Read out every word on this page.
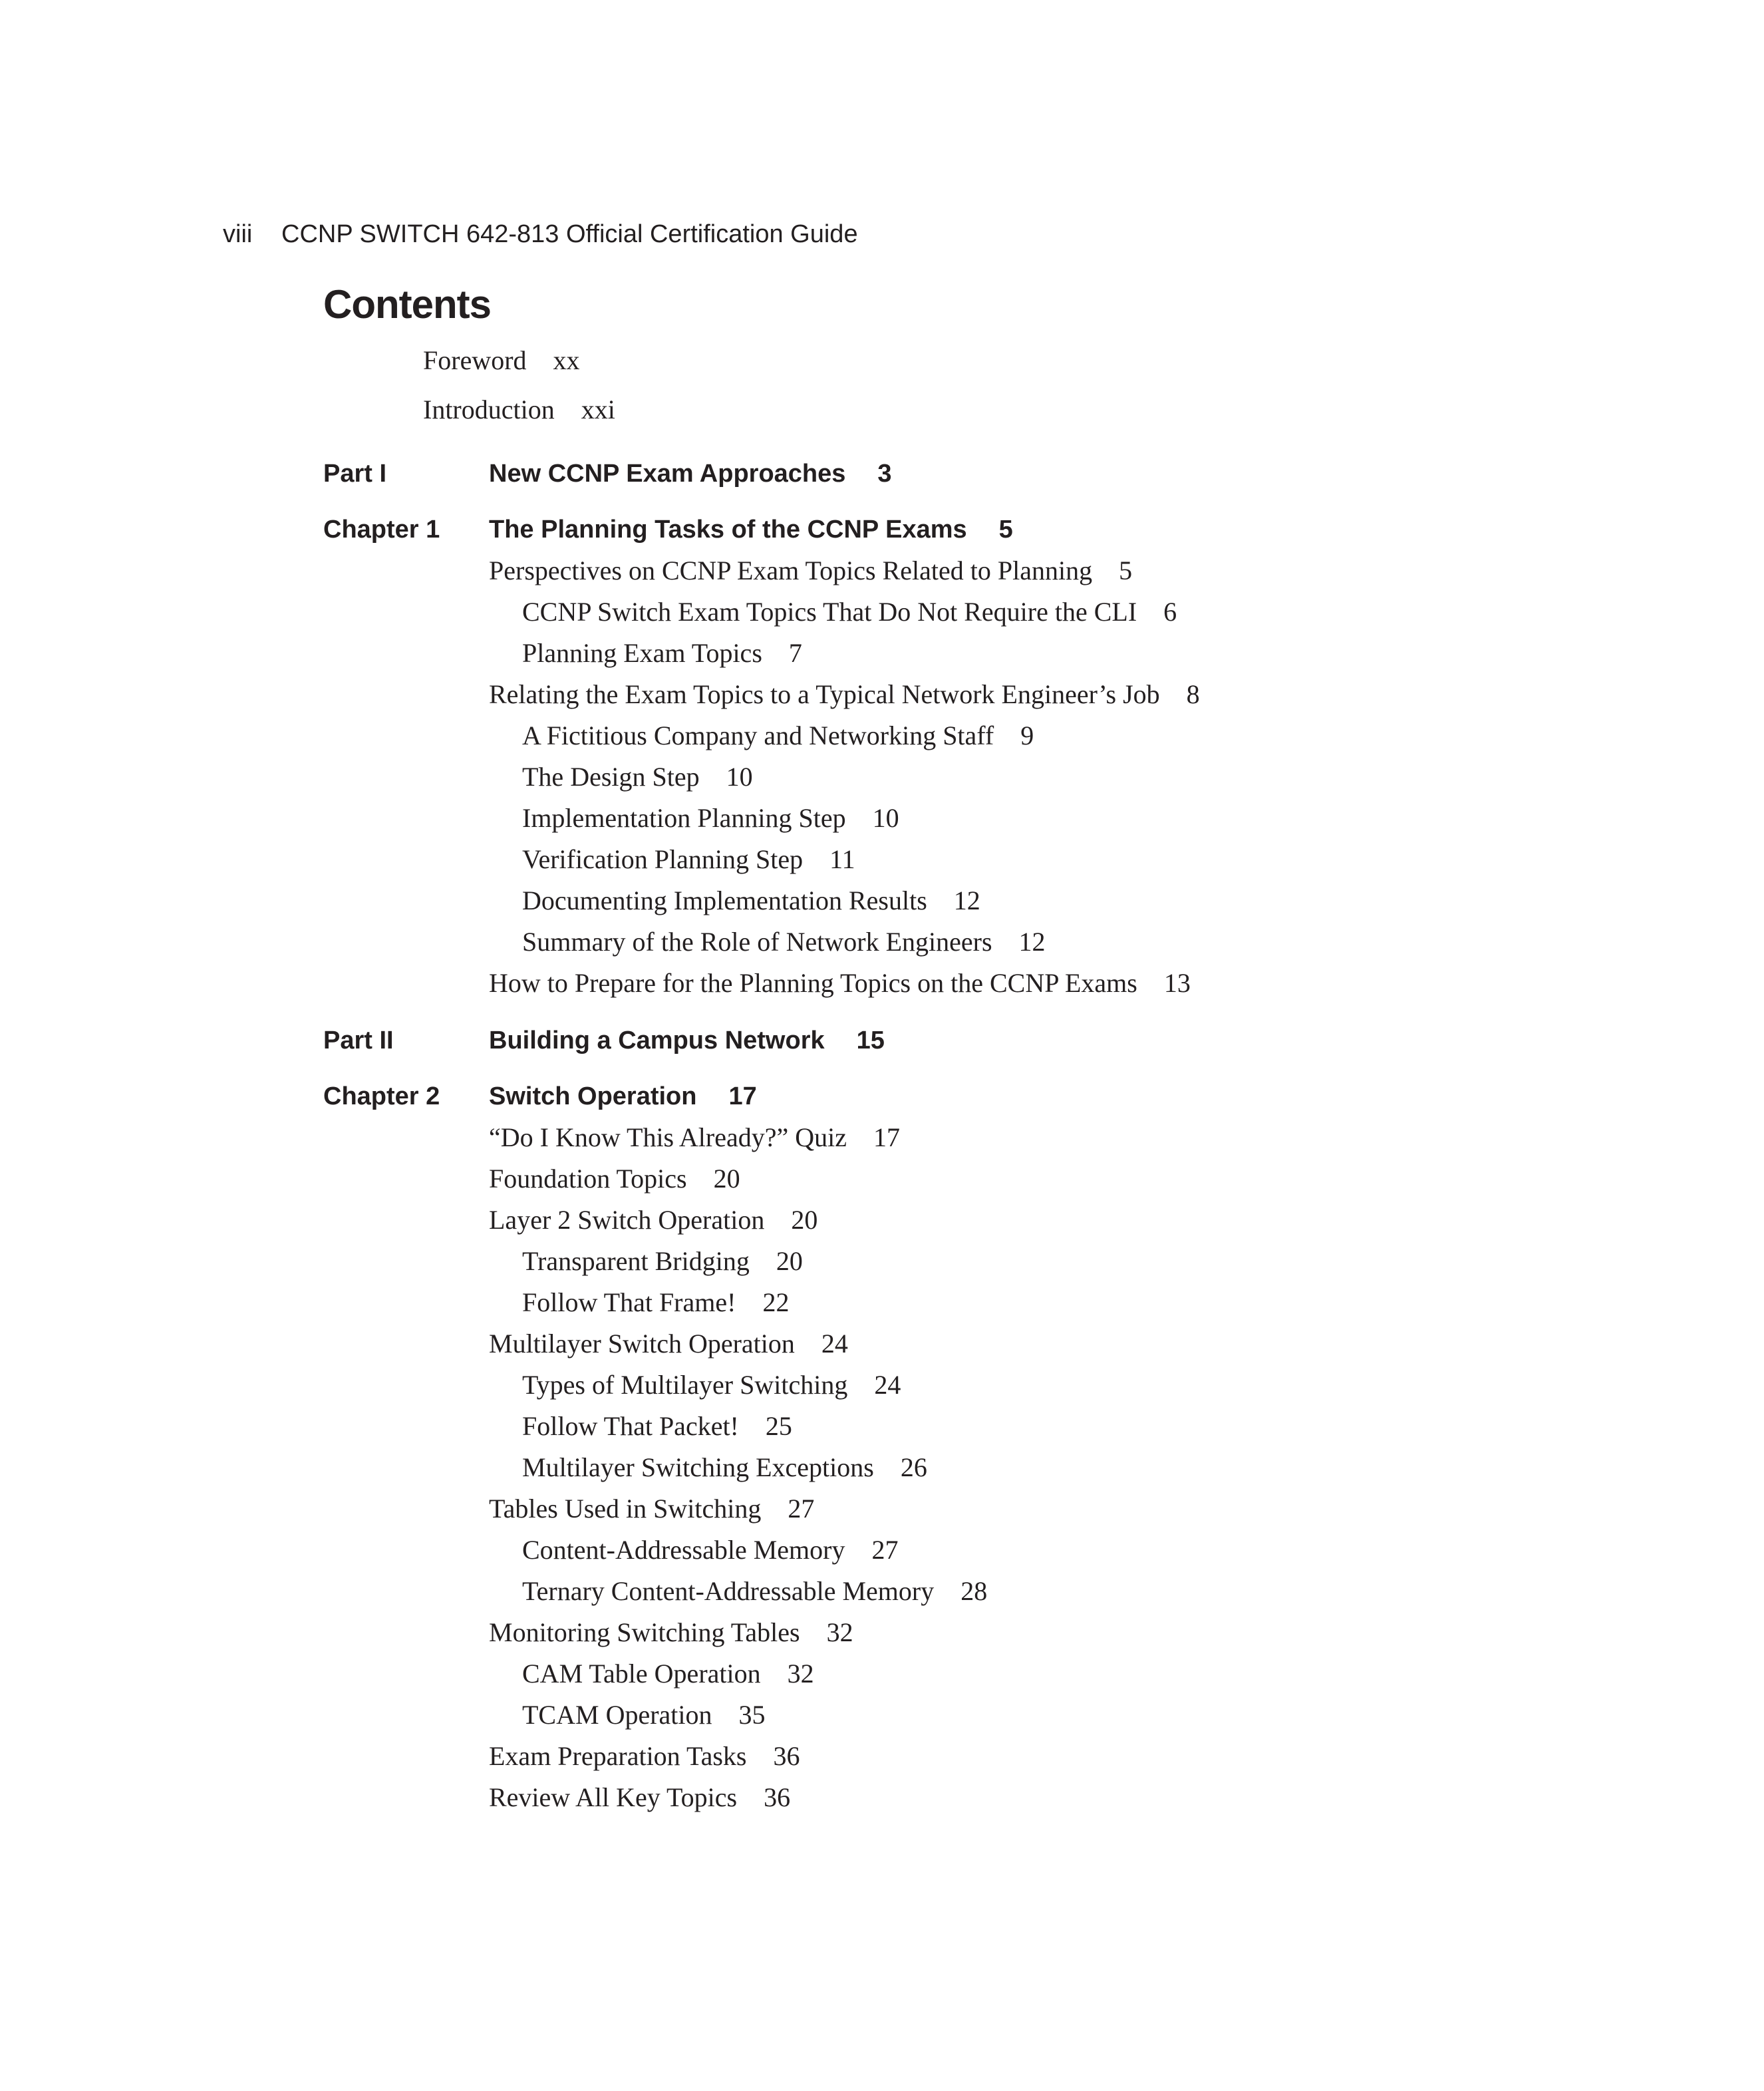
viii CCNP SWITCH 642-813 Official Certification Guide
Contents
Foreword xx
Introduction xxi
Part I	New CCNP Exam Approaches 3
Chapter 1 The Planning Tasks of the CCNP Exams 5
Perspectives on CCNP Exam Topics Related to Planning 5
CCNP Switch Exam Topics That Do Not Require the CLI 6
Planning Exam Topics 7
Relating the Exam Topics to a Typical Network Engineer’s Job 8
A Fictitious Company and Networking Staff 9
The Design Step 10
Implementation Planning Step 10
Verification Planning Step 11
Documenting Implementation Results 12
Summary of the Role of Network Engineers 12
How to Prepare for the Planning Topics on the CCNP Exams 13
Part II	Building a Campus Network 15
Chapter 2 Switch Operation 17
“Do I Know This Already?” Quiz 17
Foundation Topics 20
Layer 2 Switch Operation 20
Transparent Bridging 20
Follow That Frame! 22
Multilayer Switch Operation 24
Types of Multilayer Switching 24
Follow That Packet! 25
Multilayer Switching Exceptions 26
Tables Used in Switching 27
Content-Addressable Memory 27
Ternary Content-Addressable Memory 28
Monitoring Switching Tables 32
CAM Table Operation 32
TCAM Operation 35
Exam Preparation Tasks 36
Review All Key Topics 36
